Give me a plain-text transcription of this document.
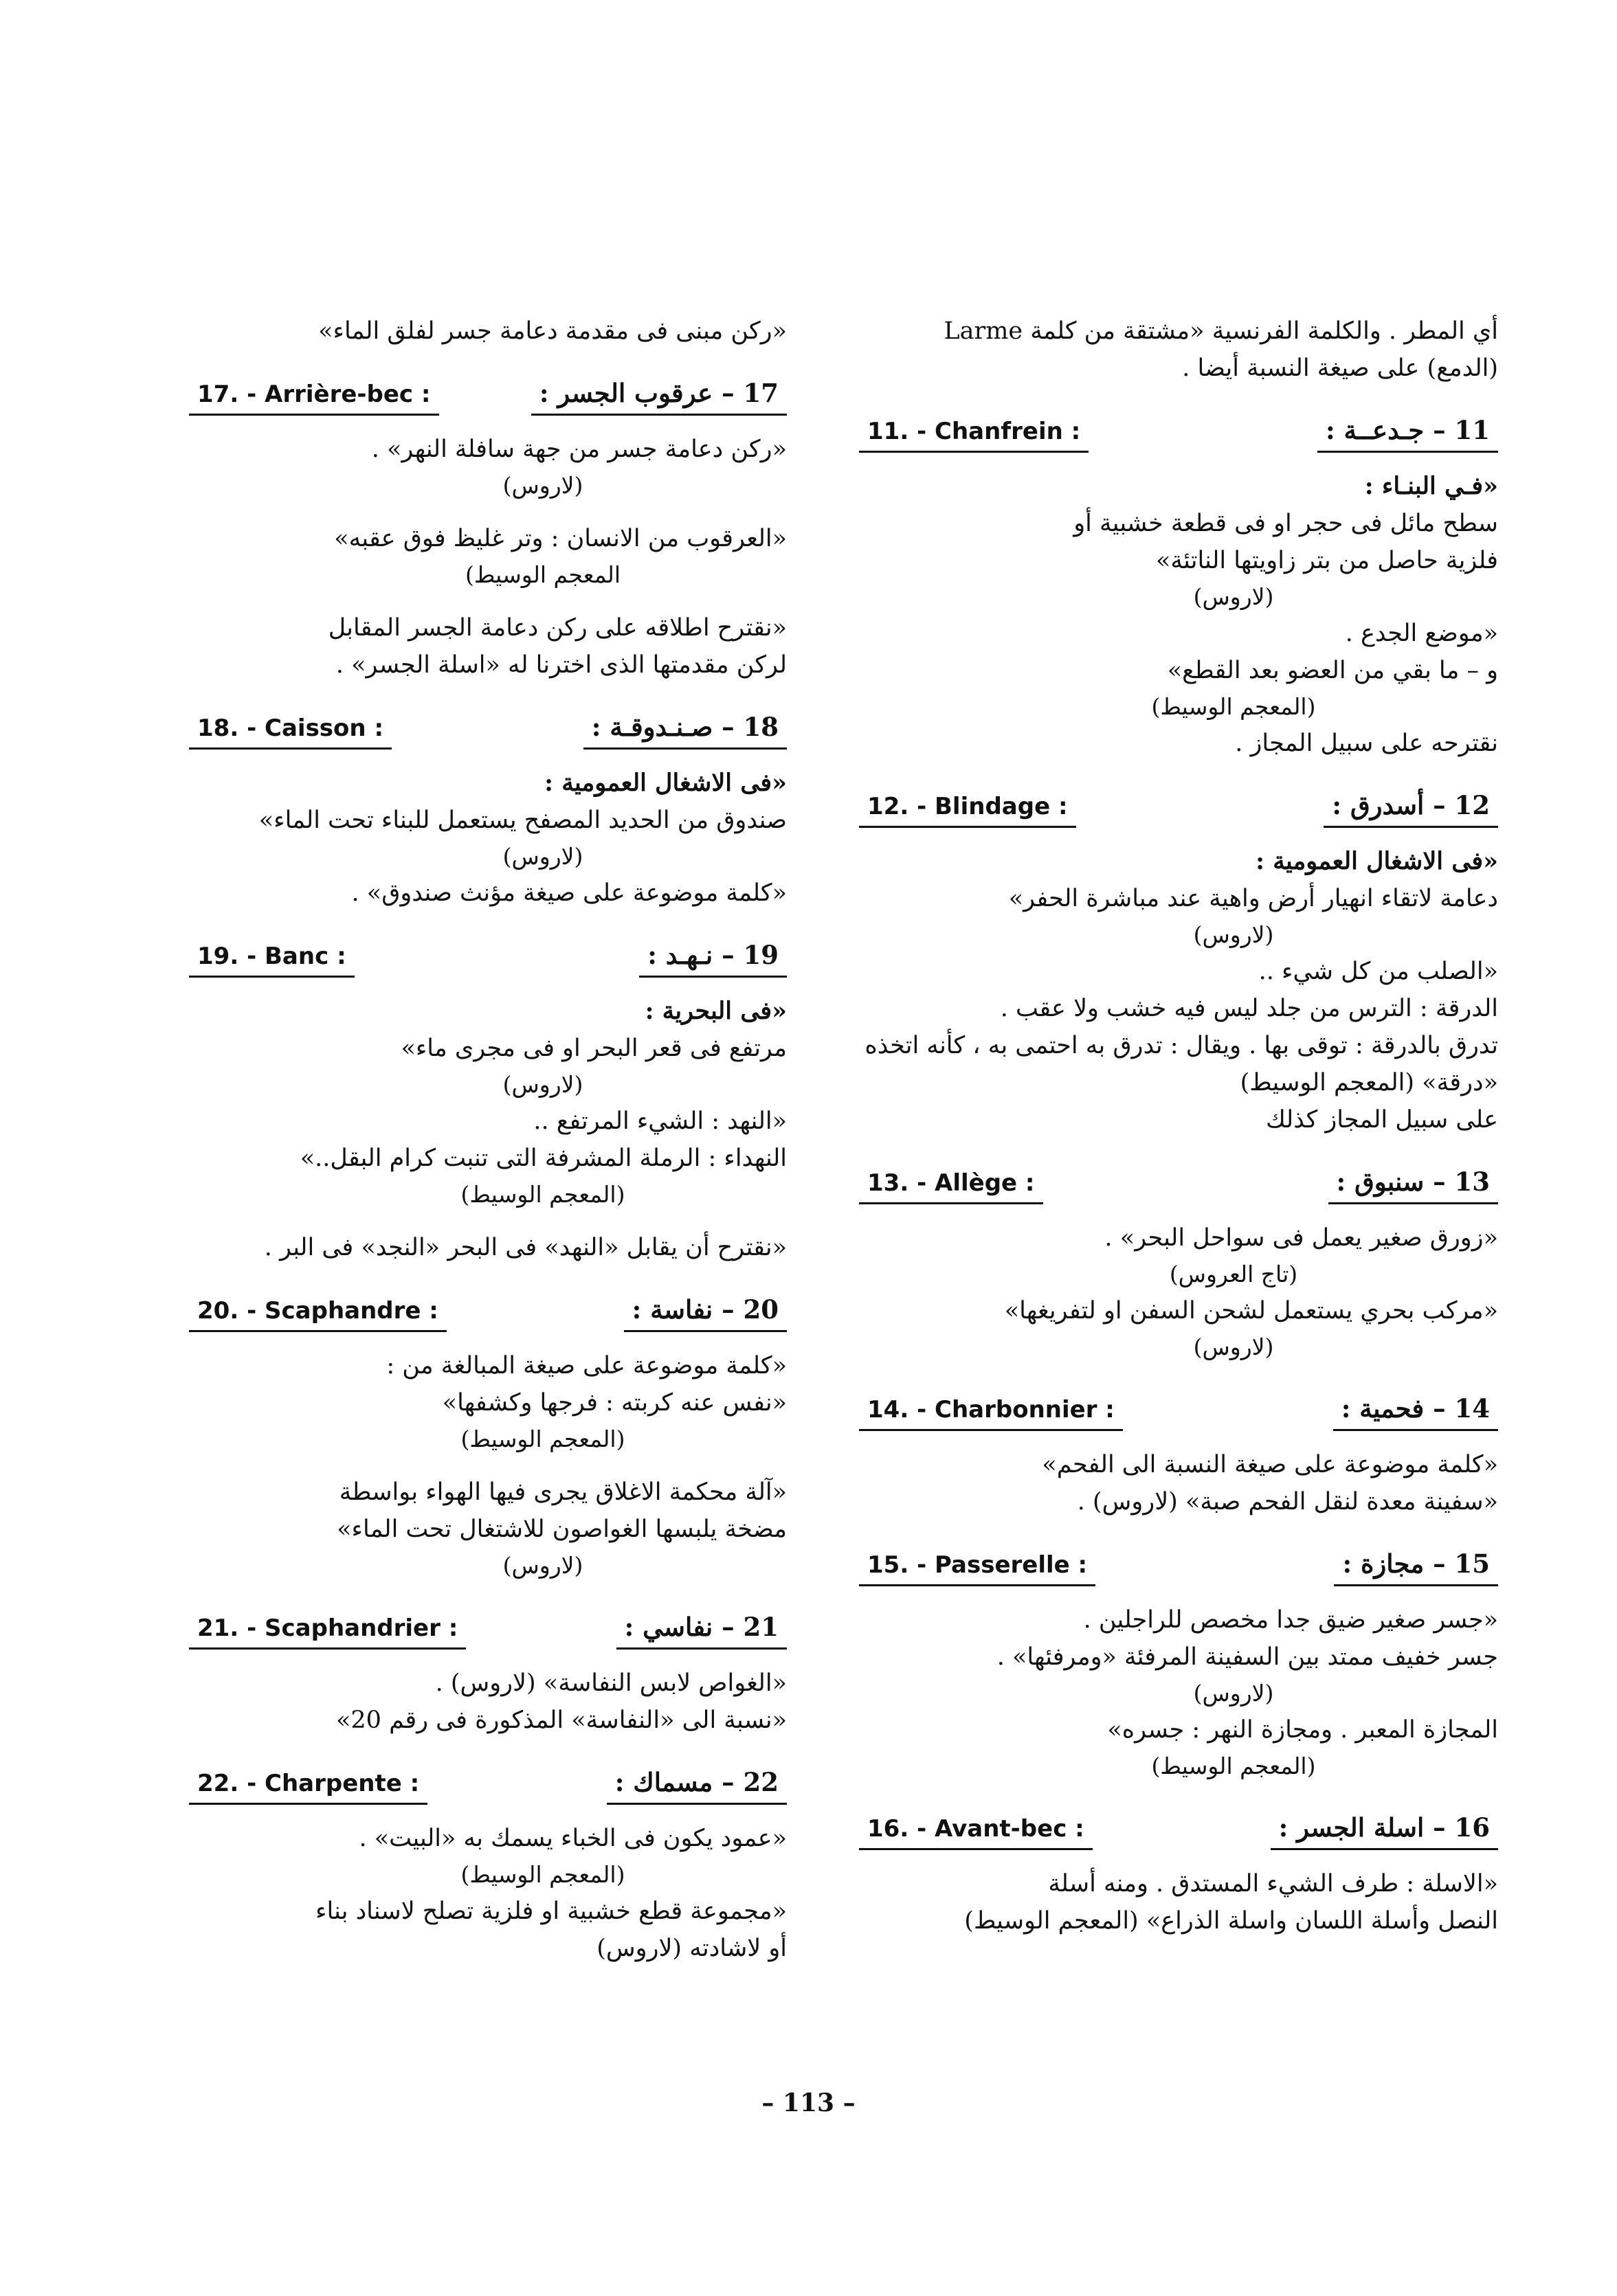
أي المطر . والكلمة الفرنسية «مشتقة من كلمة Larme

(الدمع) على صيغة النسبة أيضا .

11. - Chanfrein :	11 – جـدعــة :

«فـي البنـاء :

سطح مائل فى حجر او فى قطعة خشبية أو

فلزية حاصل من بتر زاويتها الناتئة»

(لاروس)

«موضع الجدع .

و – ما بقي من العضو بعد القطع»

(المعجم الوسيط)

نقترحه على سبيل المجاز .

12. - Blindage :	12 – أسدرق :

«فى الاشغال العمومية :

دعامة لاتقاء انهيار أرض واهية عند مباشرة الحفر»

(لاروس)

«الصلب من كل شيء ..

الدرقة : الترس من جلد ليس فيه خشب ولا عقب .

تدرق بالدرقة : توقى بها . ويقال : تدرق به احتمى به ، كأنه اتخذه «درقة» (المعجم الوسيط)

على سبيل المجاز كذلك

13. - Allège :	13 – سنبوق :

«زورق صغير يعمل فى سواحل البحر» .

(تاج العروس)

«مركب بحري يستعمل لشحن السفن او لتفريغها»

(لاروس)

14. - Charbonnier :	14 – فحمية :

«كلمة موضوعة على صيغة النسبة الى الفحم»

«سفينة معدة لنقل الفحم صبة» (لاروس) .

15. - Passerelle :	15 – مجازة :

«جسر صغير ضيق جدا مخصص للراجلين .

جسر خفيف ممتد بين السفينة المرفئة «ومرفئها» .

(لاروس)

المجازة المعبر . ومجازة النهر : جسره»

(المعجم الوسيط)

16. - Avant-bec :	16 – اسلة الجسر :

«الاسلة : طرف الشيء المستدق . ومنه أسلة

النصل وأسلة اللسان واسلة الذراع» (المعجم الوسيط)

«ركن مبنى فى مقدمة دعامة جسر لفلق الماء»

17. - Arrière-bec :	17 – عرقوب الجسر :

«ركن دعامة جسر من جهة سافلة النهر» .

(لاروس)

«العرقوب من الانسان : وتر غليظ فوق عقبه»

المعجم الوسيط)

«نقترح اطلاقه على ركن دعامة الجسر المقابل

لركن مقدمتها الذى اخترنا له «اسلة الجسر» .

18. - Caisson :	18 – صـنـدوقـة :

«فى الاشغال العمومية :

صندوق من الحديد المصفح يستعمل للبناء تحت الماء»

(لاروس)

«كلمة موضوعة على صيغة مؤنث صندوق» .

19. - Banc :	19 – نـهـد :

«فى البحرية :

مرتفع فى قعر البحر او فى مجرى ماء»

(لاروس)

«النهد : الشيء المرتفع ..

النهداء : الرملة المشرفة التى تنبت كرام البقل..»

(المعجم الوسيط)

«نقترح أن يقابل «النهد» فى البحر «النجد» فى البر .

20. - Scaphandre :	20 – نفاسة :

«كلمة موضوعة على صيغة المبالغة من :

«نفس عنه كربته : فرجها وكشفها»

(المعجم الوسيط)

«آلة محكمة الاغلاق يجرى فيها الهواء بواسطة

مضخة يلبسها الغواصون للاشتغال تحت الماء»

(لاروس)

21. - Scaphandrier :	21 – نفاسي :

«الغواص لابس النفاسة» (لاروس) .

«نسبة الى «النفاسة» المذكورة فى رقم 20»

22. - Charpente :	22 – مسماك :

«عمود يكون فى الخباء يسمك به «البيت» .

(المعجم الوسيط)

«مجموعة قطع خشبية او فلزية تصلح لاسناد بناء

أو لاشادته (لاروس)

– 113 –
